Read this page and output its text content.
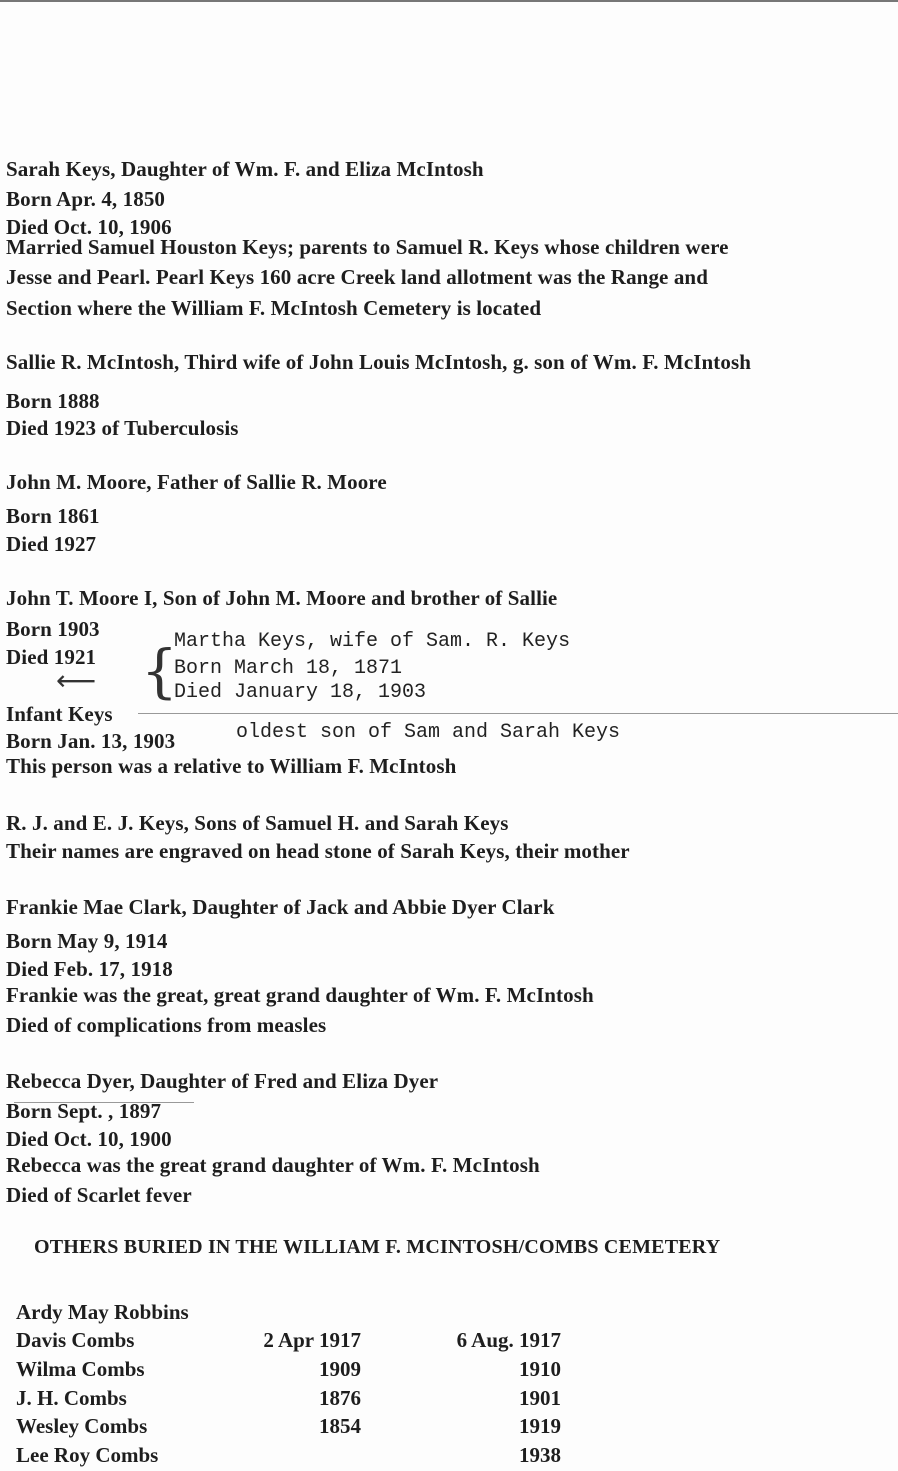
Sarah Keys, Daughter of Wm. F. and Eliza McIntosh
Born Apr. 4, 1850
Died Oct. 10, 1906
Married Samuel Houston Keys; parents to Samuel R. Keys whose children were
Jesse and Pearl. Pearl Keys 160 acre Creek land allotment was the Range and
Section where the William F. McIntosh Cemetery is located
Sallie R. McIntosh, Third wife of John Louis McIntosh, g. son of Wm. F. McIntosh
Born 1888
Died 1923 of Tuberculosis
John M. Moore, Father of Sallie R. Moore
Born 1861
Died 1927
John T. Moore I, Son of John M. Moore and brother of Sallie
Born 1903
Died 1921 {
Martha Keys, wife of Sam. R. Keys
Born March 18, 1871
Died January 18, 1903
⟵
Infant Keys
Born Jan. 13, 1903	oldest son of Sam and Sarah Keys
This person was a relative to William F. McIntosh
R. J. and E. J. Keys, Sons of Samuel H. and Sarah Keys
Their names are engraved on head stone of Sarah Keys, their mother
Frankie Mae Clark, Daughter of Jack and Abbie Dyer Clark
Born May 9, 1914
Died Feb. 17, 1918
Frankie was the great, great grand daughter of Wm. F. McIntosh
Died of complications from measles
Rebecca Dyer, Daughter of Fred and Eliza Dyer
Born Sept. , 1897
Died Oct. 10, 1900
Rebecca was the great grand daughter of Wm. F. McIntosh
Died of Scarlet fever
OTHERS BURIED IN THE WILLIAM F. MCINTOSH/COMBS CEMETERY
Ardy May Robbins		
Davis Combs	2 Apr 1917	6 Aug. 1917
Wilma Combs	1909	1910
J. H. Combs	1876	1901
Wesley Combs	1854	1919
Lee Roy Combs		1938
